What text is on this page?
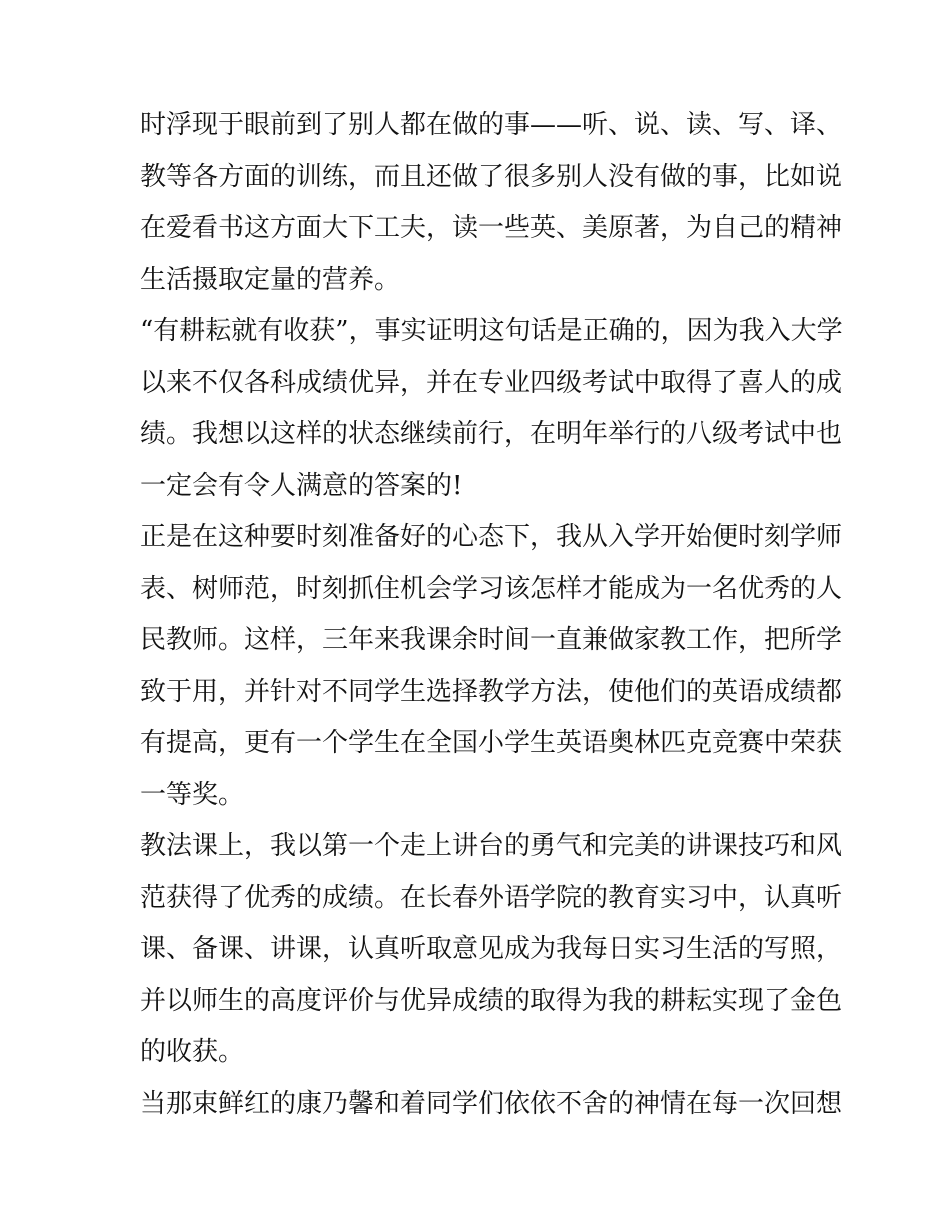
时浮现于眼前到了别人都在做的事——听、说、读、写、译、
教等各方面的训练，而且还做了很多别人没有做的事，比如说
在爱看书这方面大下工夫，读一些英、美原著，为自己的精神
生活摄取定量的营养。
“有耕耘就有收获”，事实证明这句话是正确的，因为我入大学
以来不仅各科成绩优异，并在专业四级考试中取得了喜人的成
绩。我想以这样的状态继续前行，在明年举行的八级考试中也
一定会有令人满意的答案的!
正是在这种要时刻准备好的心态下，我从入学开始便时刻学师
表、树师范，时刻抓住机会学习该怎样才能成为一名优秀的人
民教师。这样，三年来我课余时间一直兼做家教工作，把所学
致于用，并针对不同学生选择教学方法，使他们的英语成绩都
有提高，更有一个学生在全国小学生英语奥林匹克竞赛中荣获
一等奖。
教法课上，我以第一个走上讲台的勇气和完美的讲课技巧和风
范获得了优秀的成绩。在长春外语学院的教育实习中，认真听
课、备课、讲课，认真听取意见成为我每日实习生活的写照，
并以师生的高度评价与优异成绩的取得为我的耕耘实现了金色
的收获。
当那束鲜红的康乃馨和着同学们依依不舍的神情在每一次回想
